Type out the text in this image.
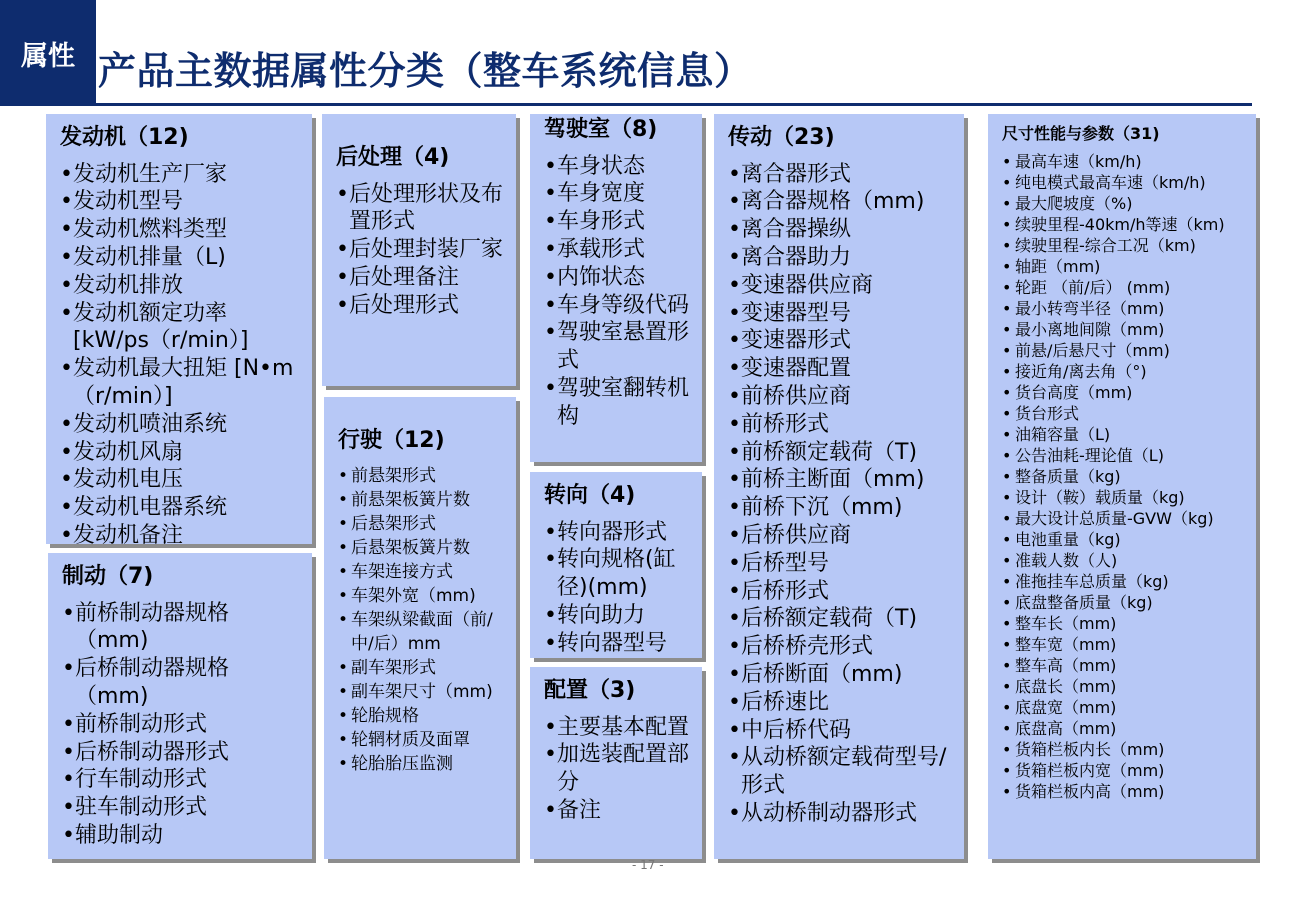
属性 产品主数据属性分类（整车系统信息）
发动机（12)
• 发动机生产厂家
• 发动机型号
• 发动机燃料类型
• 发动机排量（L)
• 发动机排放
• 发动机额定功率[kW/ps（r/min）]
• 发动机最大扭矩 [N•m（r/min）]
• 发动机喷油系统
• 发动机风扇
• 发动机电压
• 发动机电器系统
• 发动机备注
制动（7)
• 前桥制动器规格（mm)
• 后桥制动器规格（mm)
• 前桥制动形式
• 后桥制动器形式
• 行车制动形式
• 驻车制动形式
• 辅助制动
后处理（4)
• 后处理形状及布置形式
• 后处理封装厂家
• 后处理备注
• 后处理形式
行驶（12)
• 前悬架形式
• 前悬架板簧片数
• 后悬架形式
• 后悬架板簧片数
• 车架连接方式
• 车架外宽（mm)
• 车架纵梁截面（前/中/后）mm
• 副车架形式
• 副车架尺寸（mm)
• 轮胎规格
• 轮辋材质及面罩
• 轮胎胎压监测
驾驶室（8)
• 车身状态
• 车身宽度
• 车身形式
• 承载形式
• 内饰状态
• 车身等级代码
• 驾驶室悬置形式
• 驾驶室翻转机构
转向（4)
• 转向器形式
• 转向规格(缸径)(mm)
• 转向助力
• 转向器型号
配置（3)
• 主要基本配置
• 加选装配置部分
• 备注
传动（23)
• 离合器形式
• 离合器规格（mm)
• 离合器操纵
• 离合器助力
• 变速器供应商
• 变速器型号
• 变速器形式
• 变速器配置
• 前桥供应商
• 前桥形式
• 前桥额定载荷（T)
• 前桥主断面（mm)
• 前桥下沉（mm)
• 后桥供应商
• 后桥型号
• 后桥形式
• 后桥额定载荷（T)
• 后桥桥壳形式
• 后桥断面（mm)
• 后桥速比
• 中后桥代码
• 从动桥额定载荷型号/形式
• 从动桥制动器形式
尺寸性能与参数（31)
• 最高车速（km/h)
• 纯电模式最高车速（km/h)
• 最大爬坡度（%)
• 续驶里程-40km/h等速（km)
• 续驶里程-综合工况（km)
• 轴距（mm)
• 轮距 （前/后） (mm)
• 最小转弯半径（mm)
• 最小离地间隙（mm)
• 前悬/后悬尺寸（mm)
• 接近角/离去角（°)
• 货台高度（mm)
• 货台形式
• 油箱容量（L)
• 公告油耗-理论值（L)
• 整备质量（kg)
• 设计（鞍）载质量（kg)
• 最大设计总质量-GVW（kg)
• 电池重量（kg)
• 准载人数（人)
• 准拖挂车总质量（kg)
• 底盘整备质量（kg)
• 整车长（mm)
• 整车宽（mm)
• 整车高（mm)
• 底盘长（mm)
• 底盘宽（mm)
• 底盘高（mm)
• 货箱栏板内长（mm)
• 货箱栏板内宽（mm)
• 货箱栏板内高（mm)
- 17 -
